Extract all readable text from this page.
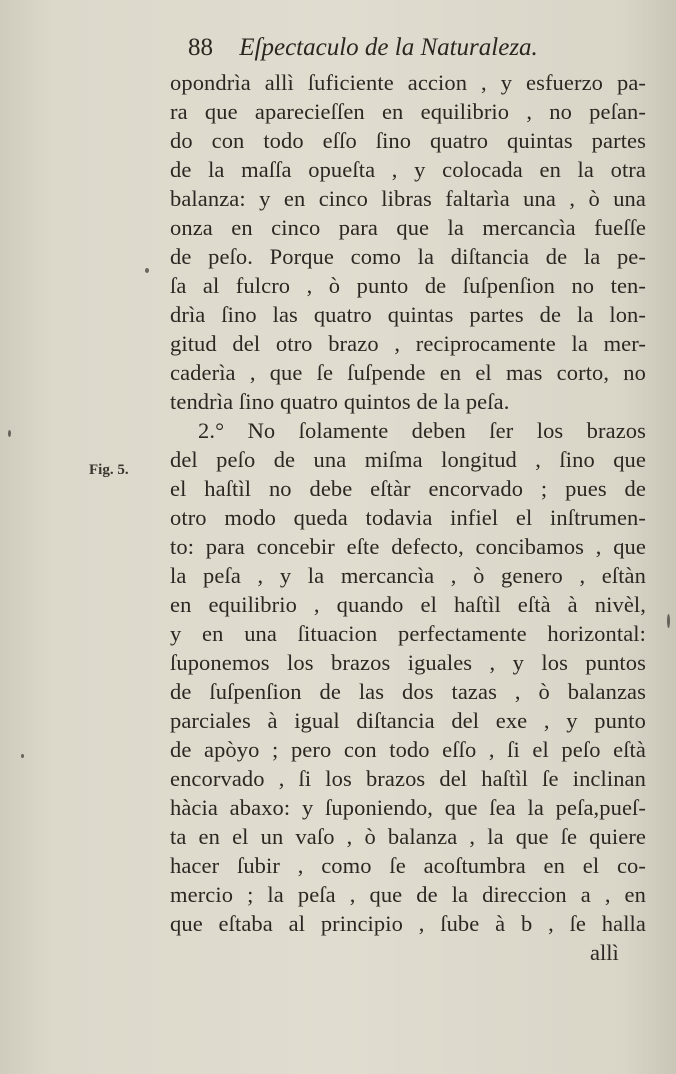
88 Eſpectaculo de la Naturaleza.
Fig. 5.
opondrìa allì ſuficiente accion , y esfuerzo pa-
ra que aparecieſſen en equilibrio , no peſan-
do con todo eſſo ſino quatro quintas partes
de la maſſa opueſta , y colocada en la otra
balanza: y en cinco libras faltarìa una , ò una
onza en cinco para que la mercancìa fueſſe
de peſo. Porque como la diſtancia de la pe-
ſa al fulcro , ò punto de ſuſpenſion no ten-
drìa ſino las quatro quintas partes de la lon-
gitud del otro brazo , reciprocamente la mer-
caderìa , que ſe ſuſpende en el mas corto, no
tendrìa ſino quatro quintos de la peſa.
2.° No ſolamente deben ſer los brazos
del peſo de una miſma longitud , ſino que
el haſtìl no debe eſtàr encorvado ; pues de
otro modo queda todavia infiel el inſtrumen-
to: para concebir eſte defecto, concibamos , que
la peſa , y la mercancìa , ò genero , eſtàn
en equilibrio , quando el haſtìl eſtà à nivèl,
y en una ſituacion perfectamente horizontal:
ſuponemos los brazos iguales , y los puntos
de ſuſpenſion de las dos tazas , ò balanzas
parciales à igual diſtancia del exe , y punto
de apòyo ; pero con todo eſſo , ſi el peſo eſtà
encorvado , ſi los brazos del haſtìl ſe inclinan
hàcia abaxo: y ſuponiendo, que ſea la peſa,pueſ-
ta en el un vaſo , ò balanza , la que ſe quiere
hacer ſubir , como ſe acoſtumbra en el co-
mercio ; la peſa , que de la direccion a , en
que eſtaba al principio , ſube à b , ſe halla
allì
